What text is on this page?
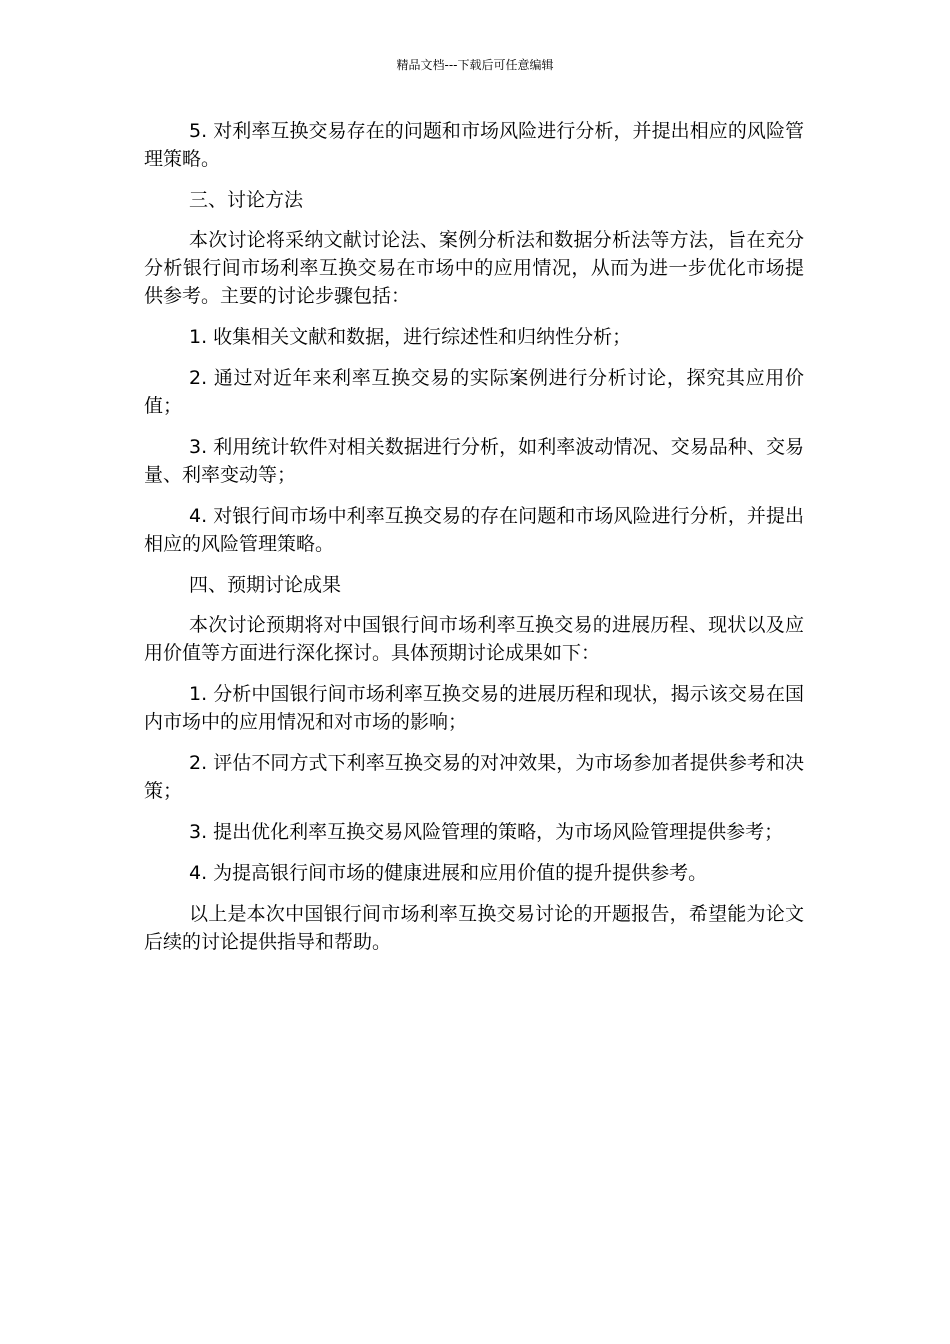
精品文档---下载后可任意编辑

5. 对利率互换交易存在的问题和市场风险进行分析，并提出相应的风险管理策略。

三、讨论方法

本次讨论将采纳文献讨论法、案例分析法和数据分析法等方法，旨在充分分析银行间市场利率互换交易在市场中的应用情况，从而为进一步优化市场提供参考。主要的讨论步骤包括：

1. 收集相关文献和数据，进行综述性和归纳性分析；

2. 通过对近年来利率互换交易的实际案例进行分析讨论，探究其应用价值；

3. 利用统计软件对相关数据进行分析，如利率波动情况、交易品种、交易量、利率变动等；

4. 对银行间市场中利率互换交易的存在问题和市场风险进行分析，并提出相应的风险管理策略。

四、预期讨论成果

本次讨论预期将对中国银行间市场利率互换交易的进展历程、现状以及应用价值等方面进行深化探讨。具体预期讨论成果如下：

1. 分析中国银行间市场利率互换交易的进展历程和现状，揭示该交易在国内市场中的应用情况和对市场的影响；

2. 评估不同方式下利率互换交易的对冲效果，为市场参加者提供参考和决策；

3. 提出优化利率互换交易风险管理的策略，为市场风险管理提供参考；

4. 为提高银行间市场的健康进展和应用价值的提升提供参考。

以上是本次中国银行间市场利率互换交易讨论的开题报告，希望能为论文后续的讨论提供指导和帮助。
